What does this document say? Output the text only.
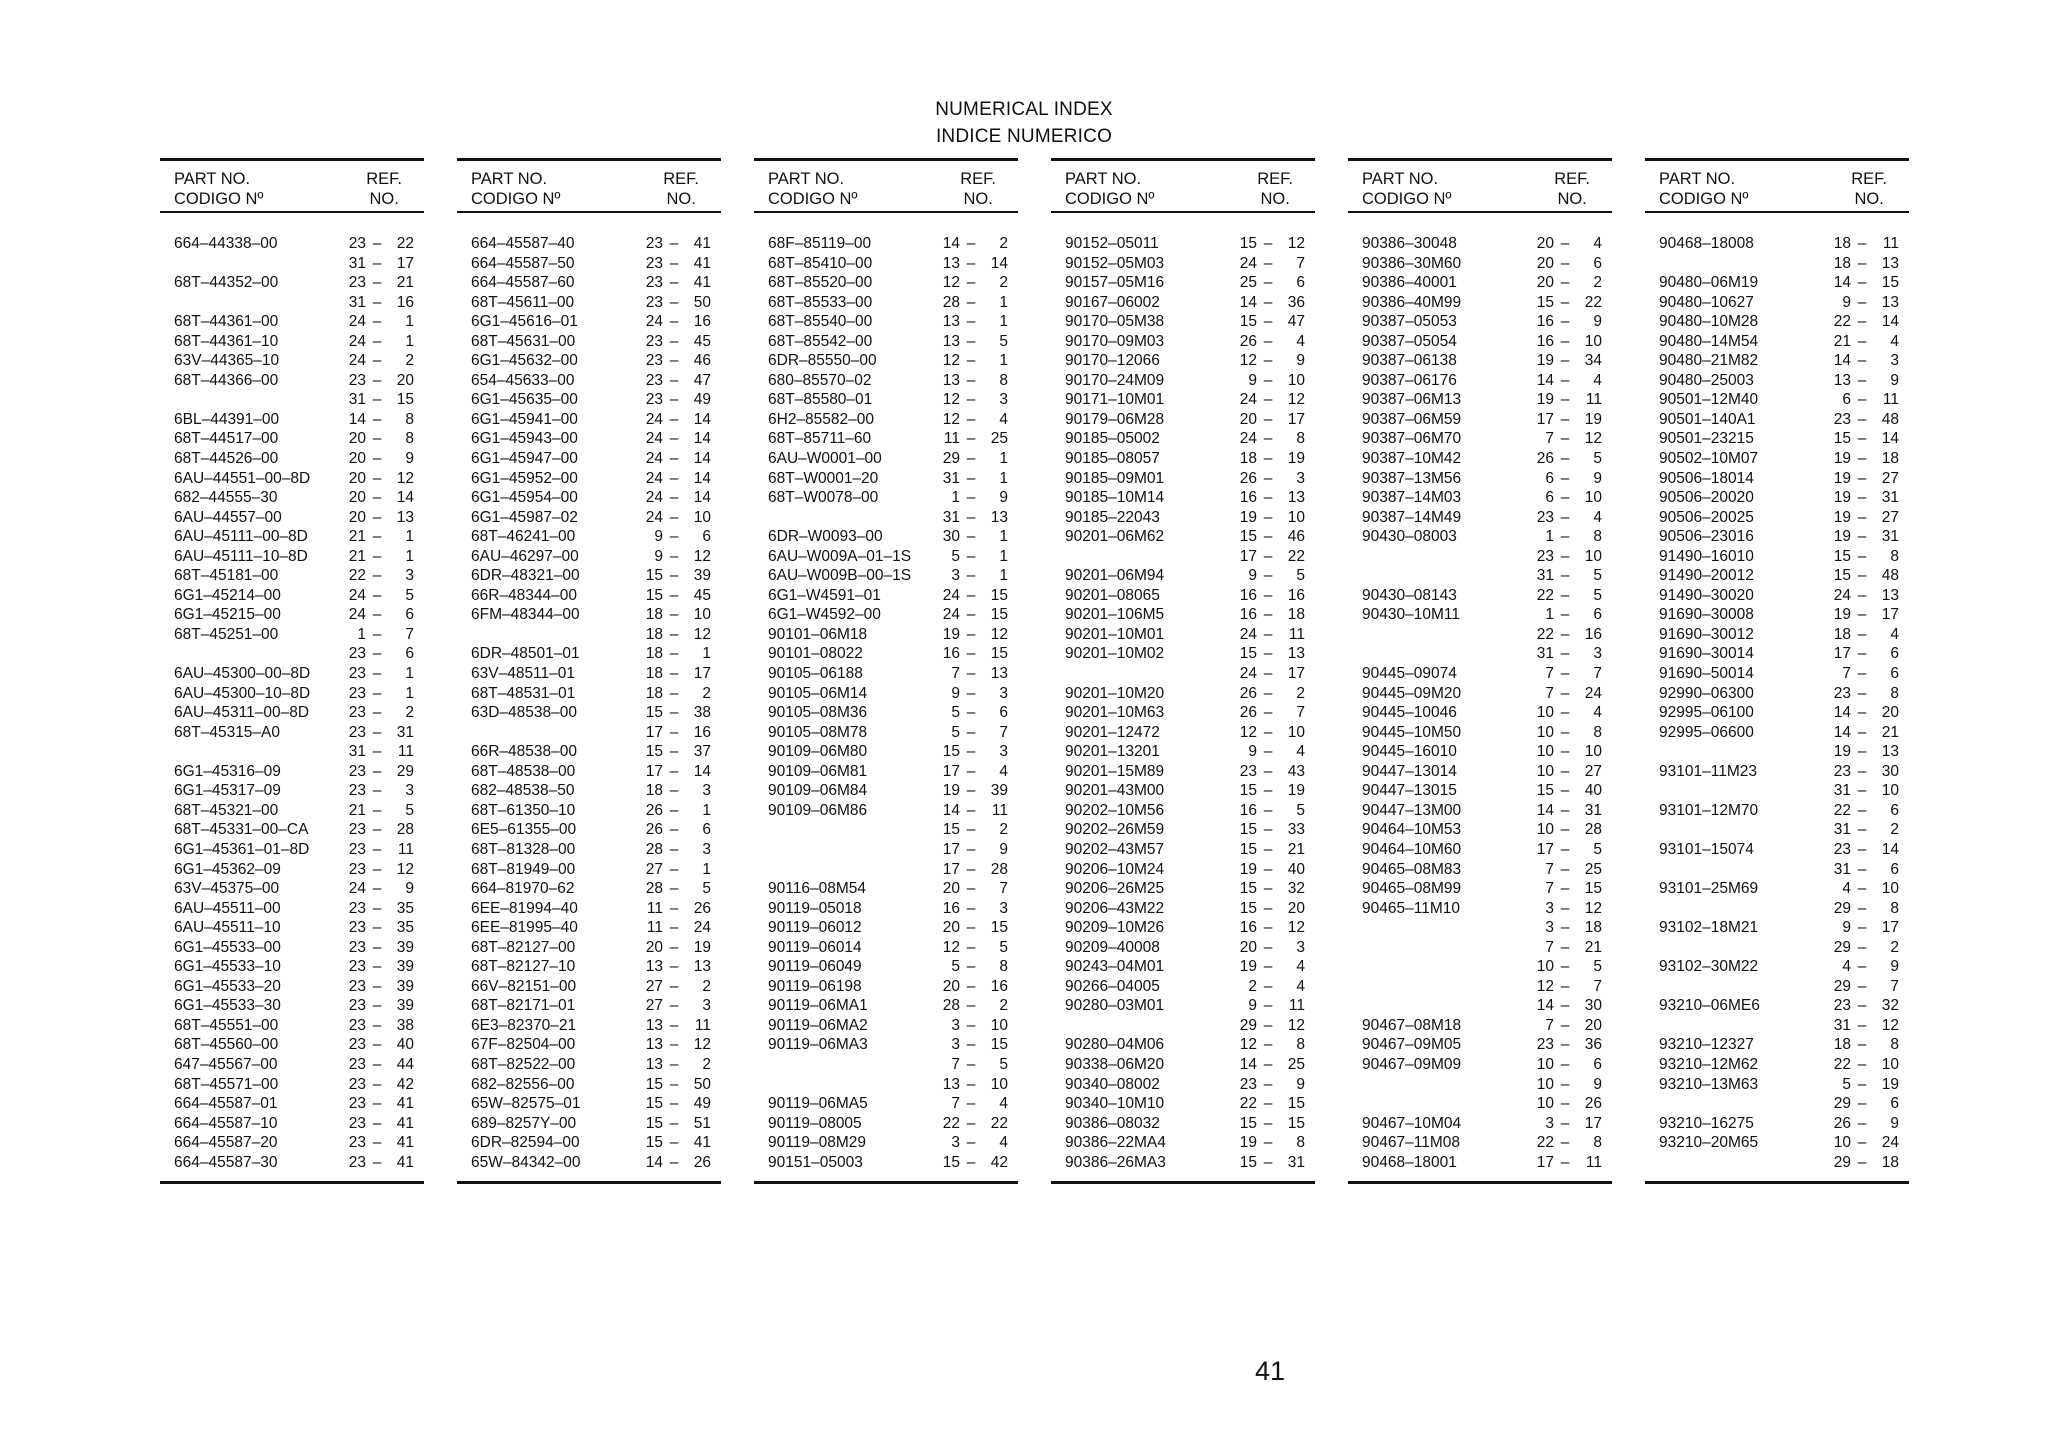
NUMERICAL INDEX
INDICE NUMERICO
PART NO.
CODIGO Nº
REF.
NO.
664–44338–00	23 – 22
31 – 17
68T–44352–00	23 – 21
31 – 16
68T–44361–00	24 – 1
68T–44361–10	24 – 1
63V–44365–10	24 – 2
68T–44366–00	23 – 20
31 – 15
6BL–44391–00	14 – 8
68T–44517–00	20 – 8
68T–44526–00	20 – 9
6AU–44551–00–8D	20 – 12
682–44555–30	20 – 14
6AU–44557–00	20 – 13
6AU–45111–00–8D	21 – 1
6AU–45111–10–8D	21 – 1
68T–45181–00	22 – 3
6G1–45214–00	24 – 5
6G1–45215–00	24 – 6
68T–45251–00	1 – 7
23 – 6
6AU–45300–00–8D	23 – 1
6AU–45300–10–8D	23 – 1
6AU–45311–00–8D	23 – 2
68T–45315–A0	23 – 31
31 – 11
6G1–45316–09	23 – 29
6G1–45317–09	23 – 3
68T–45321–00	21 – 5
68T–45331–00–CA	23 – 28
6G1–45361–01–8D	23 – 11
6G1–45362–09	23 – 12
63V–45375–00	24 – 9
6AU–45511–00	23 – 35
6AU–45511–10	23 – 35
6G1–45533–00	23 – 39
6G1–45533–10	23 – 39
6G1–45533–20	23 – 39
6G1–45533–30	23 – 39
68T–45551–00	23 – 38
68T–45560–00	23 – 40
647–45567–00	23 – 44
68T–45571–00	23 – 42
664–45587–01	23 – 41
664–45587–10	23 – 41
664–45587–20	23 – 41
664–45587–30	23 – 41
PART NO.
CODIGO Nº
REF.
NO.
664–45587–40	23 – 41
664–45587–50	23 – 41
664–45587–60	23 – 41
68T–45611–00	23 – 50
6G1–45616–01	24 – 16
68T–45631–00	23 – 45
6G1–45632–00	23 – 46
654–45633–00	23 – 47
6G1–45635–00	23 – 49
6G1–45941–00	24 – 14
6G1–45943–00	24 – 14
6G1–45947–00	24 – 14
6G1–45952–00	24 – 14
6G1–45954–00	24 – 14
6G1–45987–02	24 – 10
68T–46241–00	9 – 6
6AU–46297–00	9 – 12
6DR–48321–00	15 – 39
66R–48344–00	15 – 45
6FM–48344–00	18 – 10
18 – 12
6DR–48501–01	18 – 1
63V–48511–01	18 – 17
68T–48531–01	18 – 2
63D–48538–00	15 – 38
17 – 16
66R–48538–00	15 – 37
68T–48538–00	17 – 14
682–48538–50	18 – 3
68T–61350–10	26 – 1
6E5–61355–00	26 – 6
68T–81328–00	28 – 3
68T–81949–00	27 – 1
664–81970–62	28 – 5
6EE–81994–40	11 – 26
6EE–81995–40	11 – 24
68T–82127–00	20 – 19
68T–82127–10	13 – 13
66V–82151–00	27 – 2
68T–82171–01	27 – 3
6E3–82370–21	13 – 11
67F–82504–00	13 – 12
68T–82522–00	13 – 2
682–82556–00	15 – 50
65W–82575–01	15 – 49
689–8257Y–00	15 – 51
6DR–82594–00	15 – 41
65W–84342–00	14 – 26
PART NO.
CODIGO Nº
REF.
NO.
68F–85119–00	14 – 2
68T–85410–00	13 – 14
68T–85520–00	12 – 2
68T–85533–00	28 – 1
68T–85540–00	13 – 1
68T–85542–00	13 – 5
6DR–85550–00	12 – 1
680–85570–02	13 – 8
68T–85580–01	12 – 3
6H2–85582–00	12 – 4
68T–85711–60	11 – 25
6AU–W0001–00	29 – 1
68T–W0001–20	31 – 1
68T–W0078–00	1 – 9
31 – 13
6DR–W0093–00	30 – 1
6AU–W009A–01–1S	5 – 1
6AU–W009B–00–1S	3 – 1
6G1–W4591–01	24 – 15
6G1–W4592–00	24 – 15
90101–06M18	19 – 12
90101–08022	16 – 15
90105–06188	7 – 13
90105–06M14	9 – 3
90105–08M36	5 – 6
90105–08M78	5 – 7
90109–06M80	15 – 3
90109–06M81	17 – 4
90109–06M84	19 – 39
90109–06M86	14 – 11
15 – 2
17 – 9
17 – 28
90116–08M54	20 – 7
90119–05018	16 – 3
90119–06012	20 – 15
90119–06014	12 – 5
90119–06049	5 – 8
90119–06198	20 – 16
90119–06MA1	28 – 2
90119–06MA2	3 – 10
90119–06MA3	3 – 15
7 – 5
13 – 10
90119–06MA5	7 – 4
90119–08005	22 – 22
90119–08M29	3 – 4
90151–05003	15 – 42
PART NO.
CODIGO Nº
REF.
NO.
90152–05011	15 – 12
90152–05M03	24 – 7
90157–05M16	25 – 6
90167–06002	14 – 36
90170–05M38	15 – 47
90170–09M03	26 – 4
90170–12066	12 – 9
90170–24M09	9 – 10
90171–10M01	24 – 12
90179–06M28	20 – 17
90185–05002	24 – 8
90185–08057	18 – 19
90185–09M01	26 – 3
90185–10M14	16 – 13
90185–22043	19 – 10
90201–06M62	15 – 46
17 – 22
90201–06M94	9 – 5
90201–08065	16 – 16
90201–106M5	16 – 18
90201–10M01	24 – 11
90201–10M02	15 – 13
24 – 17
90201–10M20	26 – 2
90201–10M63	26 – 7
90201–12472	12 – 10
90201–13201	9 – 4
90201–15M89	23 – 43
90201–43M00	15 – 19
90202–10M56	16 – 5
90202–26M59	15 – 33
90202–43M57	15 – 21
90206–10M24	19 – 40
90206–26M25	15 – 32
90206–43M22	15 – 20
90209–10M26	16 – 12
90209–40008	20 – 3
90243–04M01	19 – 4
90266–04005	2 – 4
90280–03M01	9 – 11
29 – 12
90280–04M06	12 – 8
90338–06M20	14 – 25
90340–08002	23 – 9
90340–10M10	22 – 15
90386–08032	15 – 15
90386–22MA4	19 – 8
90386–26MA3	15 – 31
PART NO.
CODIGO Nº
REF.
NO.
90386–30048	20 – 4
90386–30M60	20 – 6
90386–40001	20 – 2
90386–40M99	15 – 22
90387–05053	16 – 9
90387–05054	16 – 10
90387–06138	19 – 34
90387–06176	14 – 4
90387–06M13	19 – 11
90387–06M59	17 – 19
90387–06M70	7 – 12
90387–10M42	26 – 5
90387–13M56	6 – 9
90387–14M03	6 – 10
90387–14M49	23 – 4
90430–08003	1 – 8
23 – 10
31 – 5
90430–08143	22 – 5
90430–10M11	1 – 6
22 – 16
31 – 3
90445–09074	7 – 7
90445–09M20	7 – 24
90445–10046	10 – 4
90445–10M50	10 – 8
90445–16010	10 – 10
90447–13014	10 – 27
90447–13015	15 – 40
90447–13M00	14 – 31
90464–10M53	10 – 28
90464–10M60	17 – 5
90465–08M83	7 – 25
90465–08M99	7 – 15
90465–11M10	3 – 12
3 – 18
7 – 21
10 – 5
12 – 7
14 – 30
90467–08M18	7 – 20
90467–09M05	23 – 36
90467–09M09	10 – 6
10 – 9
10 – 26
90467–10M04	3 – 17
90467–11M08	22 – 8
90468–18001	17 – 11
PART NO.
CODIGO Nº
REF.
NO.
90468–18008	18 – 11
18 – 13
90480–06M19	14 – 15
90480–10627	9 – 13
90480–10M28	22 – 14
90480–14M54	21 – 4
90480–21M82	14 – 3
90480–25003	13 – 9
90501–12M40	6 – 11
90501–140A1	23 – 48
90501–23215	15 – 14
90502–10M07	19 – 18
90506–18014	19 – 27
90506–20020	19 – 31
90506–20025	19 – 27
90506–23016	19 – 31
91490–16010	15 – 8
91490–20012	15 – 48
91490–30020	24 – 13
91690–30008	19 – 17
91690–30012	18 – 4
91690–30014	17 – 6
91690–50014	7 – 6
92990–06300	23 – 8
92995–06100	14 – 20
92995–06600	14 – 21
19 – 13
93101–11M23	23 – 30
31 – 10
93101–12M70	22 – 6
31 – 2
93101–15074	23 – 14
31 – 6
93101–25M69	4 – 10
29 – 8
93102–18M21	9 – 17
29 – 2
93102–30M22	4 – 9
29 – 7
93210–06ME6	23 – 32
31 – 12
93210–12327	18 – 8
93210–12M62	22 – 10
93210–13M63	5 – 19
29 – 6
93210–16275	26 – 9
93210–20M65	10 – 24
29 – 18
41
